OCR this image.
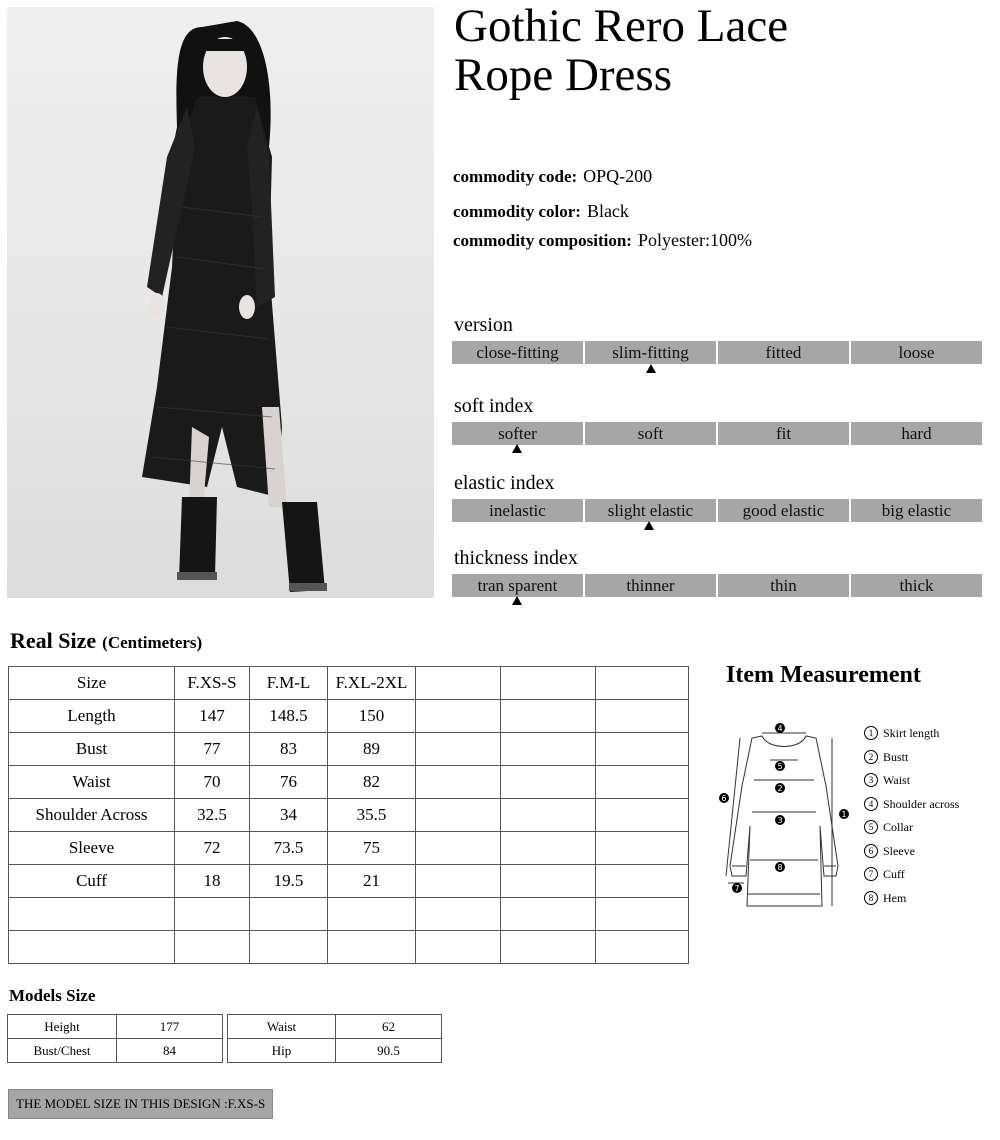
Gothic Rero Lace
Rope Dress
commodity code: OPQ-200
commodity color: Black
commodity composition: Polyester:100%
version
close-fitting	slim-fitting	fitted	loose
soft index
softer	soft	fit	hard
elastic index
inelastic	slight elastic	good elastic	big elastic
thickness index
tran sparent	thinner	thin	thick
Real Size (Centimeters)
Size	F.XS-S	F.M-L	F.XL-2XL			
Length	147	148.5	150			
Bust	77	83	89			
Waist	70	76	82			
Shoulder Across	32.5	34	35.5			
Sleeve	72	73.5	75			
Cuff	18	19.5	21			

Item Measurement
4
5
2
3
8
1
6
7
1 Skirt length
2 Bustt
3 Waist
4 Shoulder across
5 Collar
6 Sleeve
7 Cuff
8 Hem
Models Size
Height	177
Bust/Chest	84
Waist	62
Hip	90.5
THE MODEL SIZE IN THIS DESIGN :F.XS-S
